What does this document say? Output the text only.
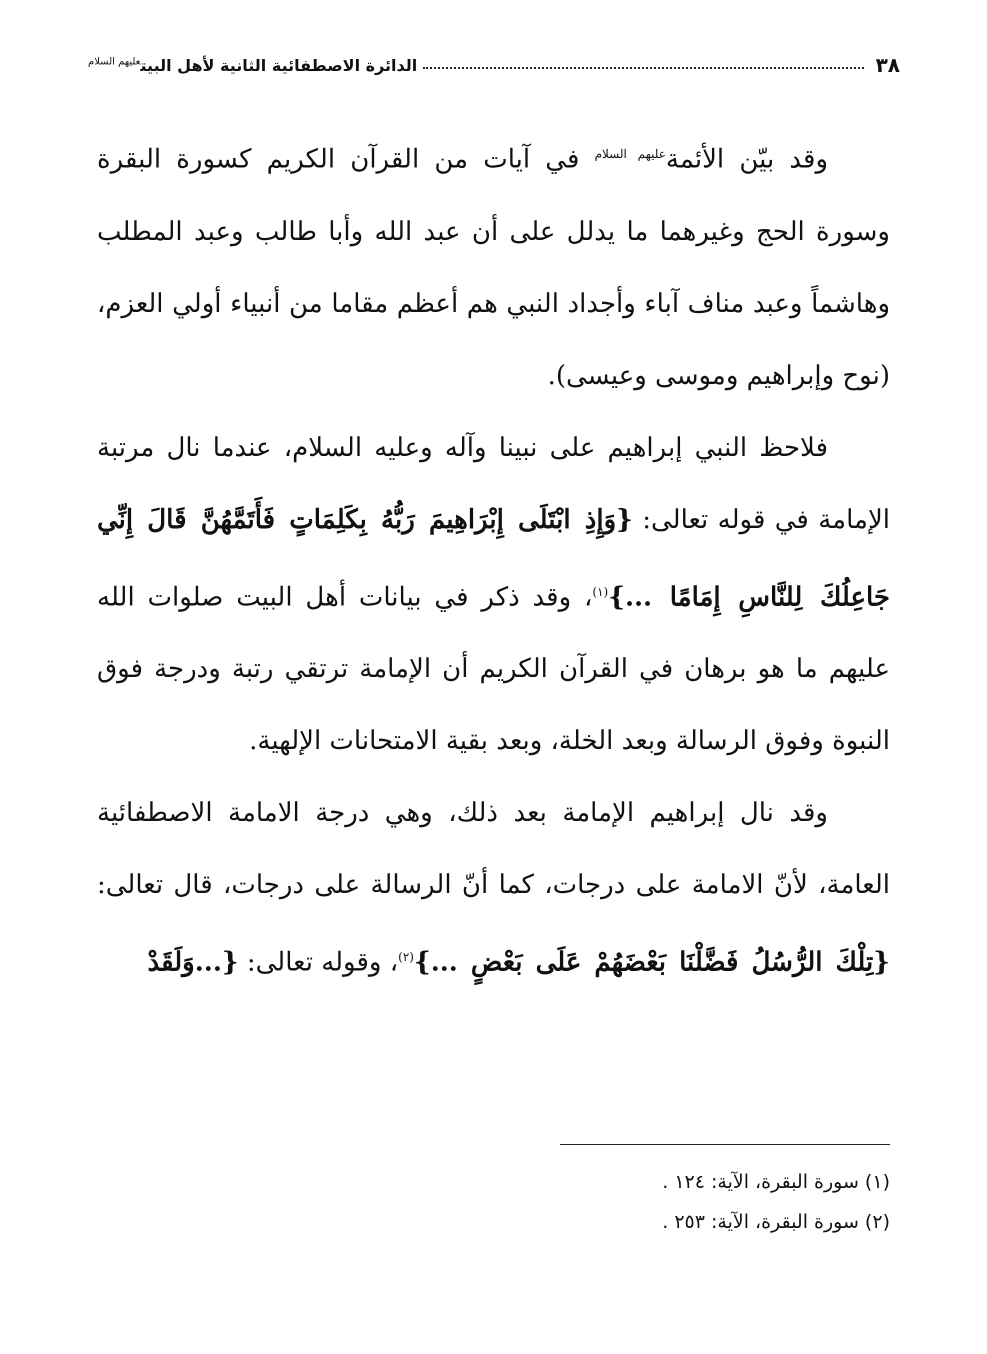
٣٨
الدائرة الاصطفائية الثانية لأهل البيت$^{عليهم السلام}$

وقد بيّن الأئمة$^{عليهم السلام}$ في آيات من القرآن الكريم كسورة البقرة وسورة الحج وغيرهما ما يدلل على أن عبد الله وأبا طالب وعبد المطلب وهاشماً وعبد مناف آباء وأجداد النبي هم أعظم مقاما من أنبياء أولي العزم، (نوح وإبراهيم وموسى وعيسى).

فلاحظ النبي إبراهيم على نبينا وآله وعليه السلام، عندما نال مرتبة الإمامة في قوله تعالى: {وَإِذِ ابْتَلَى إِبْرَاهِيمَ رَبُّهُ بِكَلِمَاتٍ فَأَتَمَّهُنَّ قَالَ إِنِّي جَاعِلُكَ لِلنَّاسِ إِمَامًا ...}$^{(١)}$، وقد ذكر في بيانات أهل البيت صلوات الله عليهم ما هو برهان في القرآن الكريم أن الإمامة ترتقي رتبة ودرجة فوق النبوة وفوق الرسالة وبعد الخلة، وبعد بقية الامتحانات الإلهية.

وقد نال إبراهيم الإمامة بعد ذلك، وهي درجة الامامة الاصطفائية العامة، لأنّ الامامة على درجات، كما أنّ الرسالة على درجات، قال تعالى: {تِلْكَ الرُّسُلُ فَضَّلْنَا بَعْضَهُمْ عَلَى بَعْضٍ ...}$^{(٢)}$، وقوله تعالى: {...وَلَقَدْ

(١) سورة البقرة، الآية: ١٢٤ .

(٢) سورة البقرة، الآية: ٢٥٣ .
